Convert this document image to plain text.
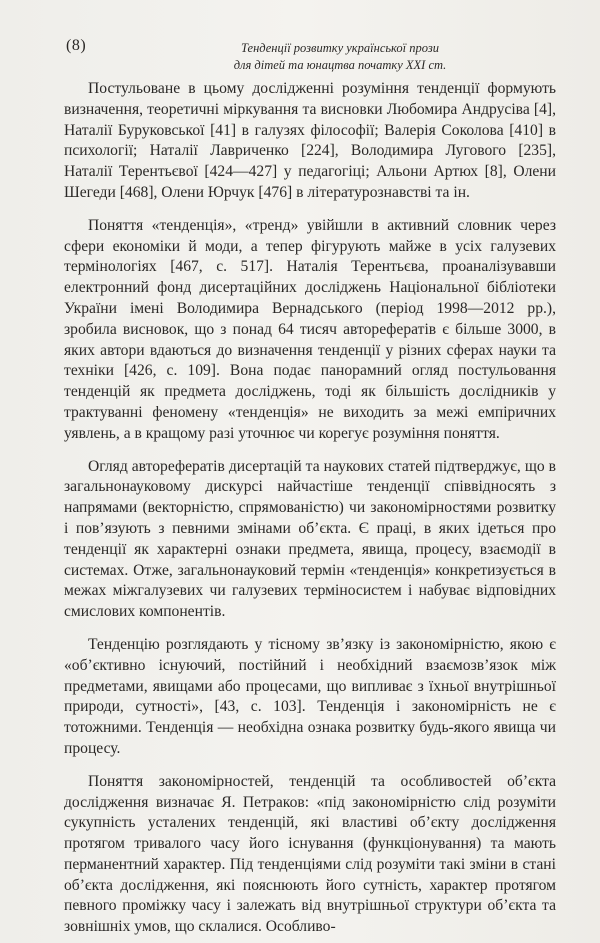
(8)	Тенденції розвитку української прози
для дітей та юнацтва початку XXI ст.

Постульоване в цьому дослідженні розуміння тенденції формують визначення, теоретичні міркування та висновки Любомира Андрусіва [4], Наталії Буруковської [41] в галузях філософії; Валерія Соколова [410] в психології; Наталії Лавриченко [224], Володимира Лугового [235], Наталії Терентьєвої [424—427] у педагогіці; Альони Артюх [8], Олени Шегеди [468], Олени Юрчук [476] в літературознавстві та ін.

Поняття «тенденція», «тренд» увійшли в активний словник через сфери економіки й моди, а тепер фігурують майже в усіх галузевих термінологіях [467, с. 517]. Наталія Терентьєва, проаналізувавши електронний фонд дисертаційних досліджень Національної бібліотеки України імені Володимира Вернадського (період 1998—2012 рр.), зробила висновок, що з понад 64 тисяч авторефератів є більше 3000, в яких автори вдаються до визначення тенденції у різних сферах науки та техніки [426, с. 109]. Вона подає панорамний огляд постульовання тенденцій як предмета досліджень, тоді як більшість дослідників у трактуванні феномену «тенденція» не виходить за межі емпіричних уявлень, а в кращому разі уточнює чи корегує розуміння поняття.

Огляд авторефератів дисертацій та наукових статей підтверджує, що в загальнонауковому дискурсі найчастіше тенденції співвідносять з напрямами (векторністю, спрямованістю) чи закономірностями розвитку і пов’язують з певними змінами об’єкта. Є праці, в яких ідеться про тенденції як характерні ознаки предмета, явища, процесу, взаємодії в системах. Отже, загальнонауковий термін «тенденція» конкретизується в межах міжгалузевих чи галузевих терміносистем і набуває відповідних смислових компонентів.

Тенденцію розглядають у тісному зв’язку із закономірністю, якою є «об’єктивно існуючий, постійний і необхідний взаємозв’язок між предметами, явищами або процесами, що випливає з їхньої внутрішньої природи, сутності», [43, с. 103]. Тенденція і закономірність не є тотожними. Тенденція — необхідна ознака розвитку будь-якого явища чи процесу.

Поняття закономірностей, тенденцій та особливостей об’єкта дослідження визначає Я. Петраков: «під закономірністю слід розуміти сукупність усталених тенденцій, які властиві об’єкту дослідження протягом тривалого часу його існування (функціонування) та мають перманентний характер. Під тенденціями слід розуміти такі зміни в стані об’єкта дослідження, які пояснюють його сутність, характер протягом певного проміжку часу і залежать від внутрішньої структури об’єкта та зовнішніх умов, що склалися. Особливо-
